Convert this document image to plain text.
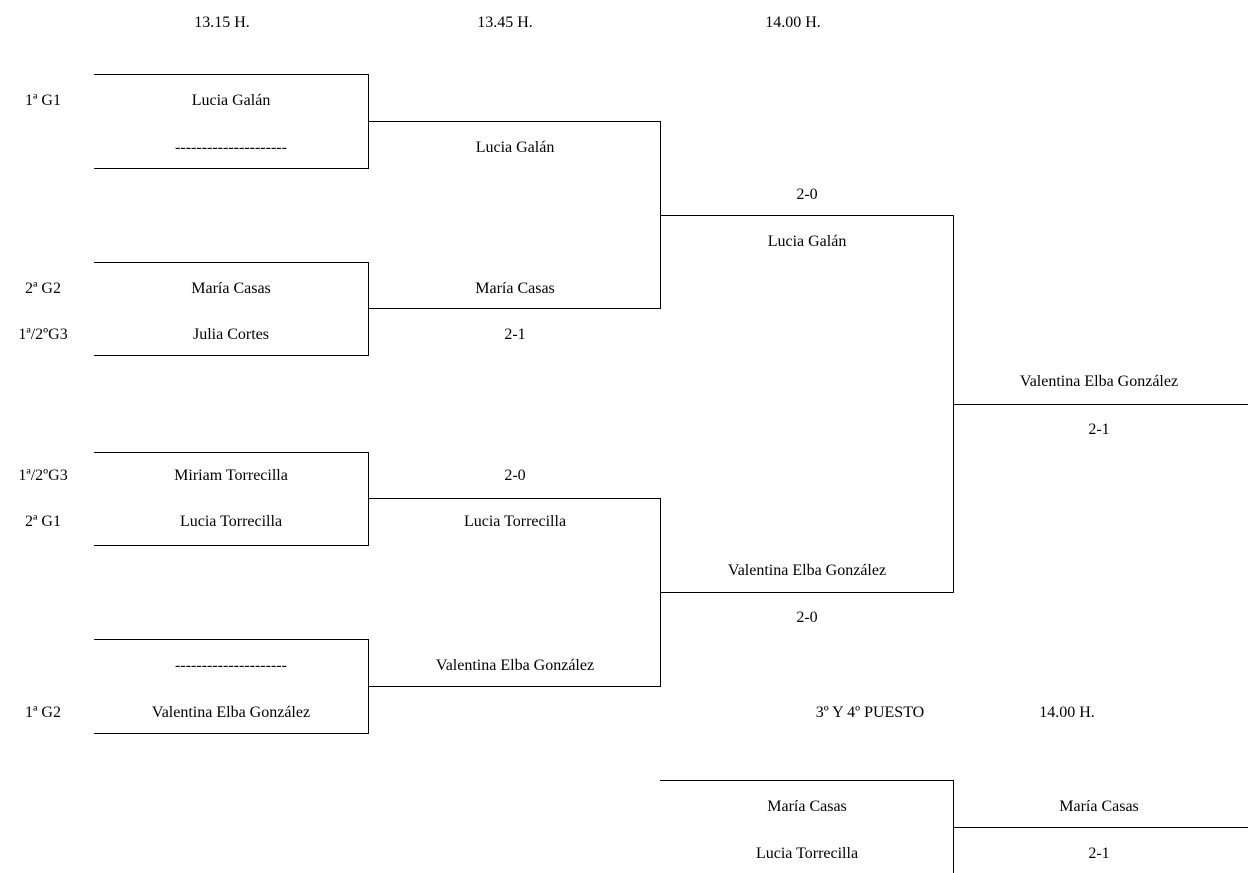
13.15 H.	13.45 H.	14.00 H.
1ª G1
2ª G2
1ª/2ºG3
1ª/2ºG3
2ª G1
1ª G2
Lucia Galán
---------------------
María Casas
Julia Cortes
Miriam Torrecilla
Lucia Torrecilla
---------------------
Valentina Elba González
Lucia Galán
María Casas
2-1
2-0
Lucia Torrecilla
Valentina Elba González
2-0
Lucia Galán
Valentina Elba González
2-0
Valentina Elba González
2-1
3º Y 4º PUESTO	14.00 H.
María Casas
Lucia Torrecilla
María Casas
2-1
